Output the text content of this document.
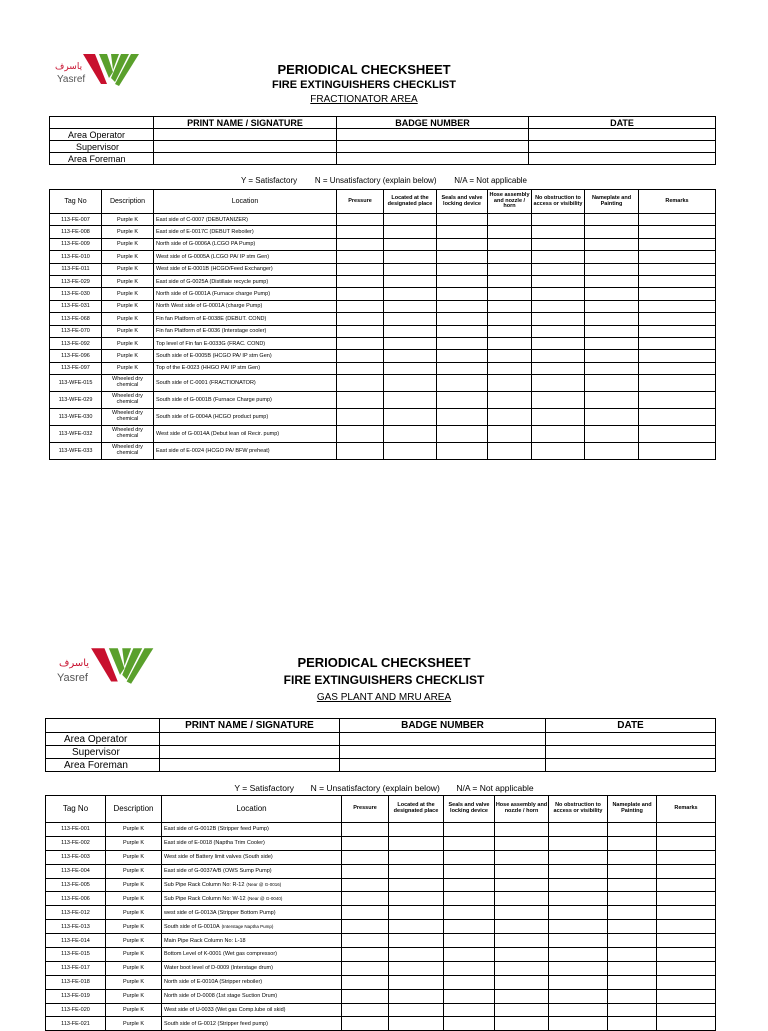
ياسرف
Yasref
PERIODICAL CHECKSHEET
FIRE EXTINGUISHERS CHECKLIST
FRACTIONATOR AREA
	PRINT NAME / SIGNATURE	BADGE NUMBER	DATE
Area Operator			
Supervisor			
Area Foreman			
Y = Satisfactory N = Unsatisfactory (explain below) N/A = Not applicable
Tag No	Description	Location	Pressure	Located at the designated place	Seals and valve locking device	Hose assembly and nozzle / horn	No obstruction to access or visibility	Nameplate and Painting	Remarks
113-FE-007	Purple K	East side of C-0007 (DEBUTANIZER)							
113-FE-008	Purple K	East side of E-0017C (DEBUT Reboiler)							
113-FE-009	Purple K	North side of G-0006A (LCGO PA Pump)							
113-FE-010	Purple K	West side of G-0005A (LCGO PA/ IP stm Gen)							
113-FE-011	Purple K	West side of E-0001B (HCGO/Feed Exchanger)							
113-FE-029	Purple K	East side of G-0025A (Distillate recycle pump)							
113-FE-030	Purple K	North side of G-0001A (Furnace charge Pump)							
113-FE-031	Purple K	North West side of G-0001A (charge Pump)							
113-FE-068	Purple K	Fin fan Platform of E-0038E (DEBUT. COND)							
113-FE-070	Purple K	Fin fan Platform of E-0036 (Interstage cooler)							
113-FE-092	Purple K	Top level of Fin fan E-0033G (FRAC. COND)							
113-FE-096	Purple K	South side of E-0005B (HCGO PA/ IP stm Gen)							
113-FE-097	Purple K	Top of the E-0023 (HHGO PA/ IP stm Gen)							
113-WFE-015	Wheeled dry chemical	South side of C-0001 (FRACTIONATOR)							
113-WFE-029	Wheeled dry chemical	South side of G-0001B (Furnace Charge pump)							
113-WFE-030	Wheeled dry chemical	South side of G-0004A (HCGO product pump)							
113-WFE-032	Wheeled dry chemical	West side of G-0014A (Debut lean oil Recir. pump)							
113-WFE-033	Wheeled dry chemical	East side of E-0024 (HCGO PA/ BFW preheat)							
ياسرف
Yasref
PERIODICAL CHECKSHEET
FIRE EXTINGUISHERS CHECKLIST
GAS PLANT AND MRU AREA
	PRINT NAME / SIGNATURE	BADGE NUMBER	DATE
Area Operator			
Supervisor			
Area Foreman			
Y = Satisfactory N = Unsatisfactory (explain below) N/A = Not applicable
Tag No	Description	Location	Pressure	Located at the designated place	Seals and valve locking device	Hose assembly and nozzle / horn	No obstruction to access or visibility	Nameplate and Painting	Remarks
113-FE-001	Purple K	East side of G-0012B (Stripper feed Pump)							
113-FE-002	Purple K	East side of E-0018 (Naptha Trim Cooler)							
113-FE-003	Purple K	West side of Battery limit valves (South side)							
113-FE-004	Purple K	East side of G-0037A/B (OWS Sump Pump)							
113-FE-005	Purple K	Sub Pipe Rack Column No: R-12 (Near @ G-0016)							
113-FE-006	Purple K	Sub Pipe Rack Column No: W-12 (Near @ G-0040)							
113-FE-012	Purple K	west side of G-0013A (Stripper Bottom Pump)							
113-FE-013	Purple K	South side of G-0010A (Interstage Naptha Pump)							
113-FE-014	Purple K	Main Pipe Rack Column No: L-18							
113-FE-015	Purple K	Bottom Level of K-0001 (Wet gas compressor)							
113-FE-017	Purple K	Water boot level of D-0009 (Interstage drum)							
113-FE-018	Purple K	North side of E-0010A (Stripper reboiler)							
113-FE-019	Purple K	North side of D-0008 (1st stage Suction Drum)							
113-FE-020	Purple K	West side of U-0033 (Wet gas Comp.lube oil skid)							
113-FE-021	Purple K	South side of G-0012 (Stripper feed pump)							
